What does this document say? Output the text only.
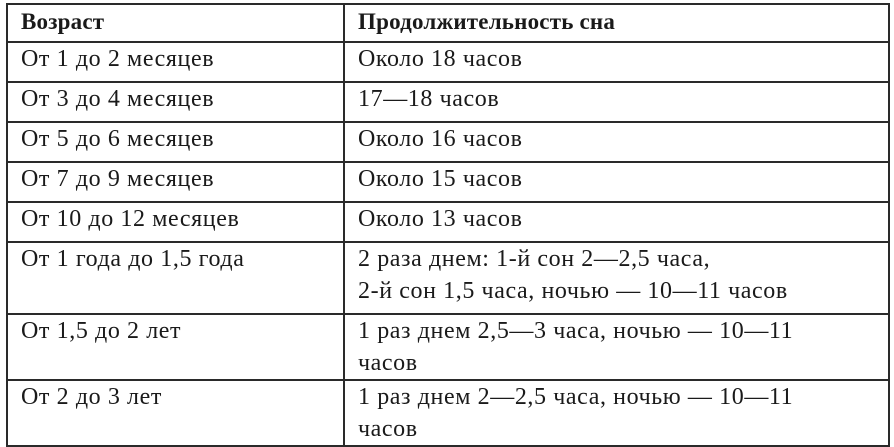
Возраст	Продолжительность сна
От 1 до 2 месяцев	Около 18 часов

От 3 до 4 месяцев	17—18 часов

От 5 до 6 месяцев	Около 16 часов

От 7 до 9 месяцев	Около 15 часов

От 10 до 12 месяцев	Около 13 часов

От 1 года до 1,5 года	2 раза днем: 1-й сон 2—2,5 часа,
2-й сон 1,5 часа, ночью — 10—11 часов

От 1,5 до 2 лет	1 раз днем 2,5—3 часа, ночью — 10—11
часов

От 2 до 3 лет	1 раз днем 2—2,5 часа, ночью — 10—11
часов
